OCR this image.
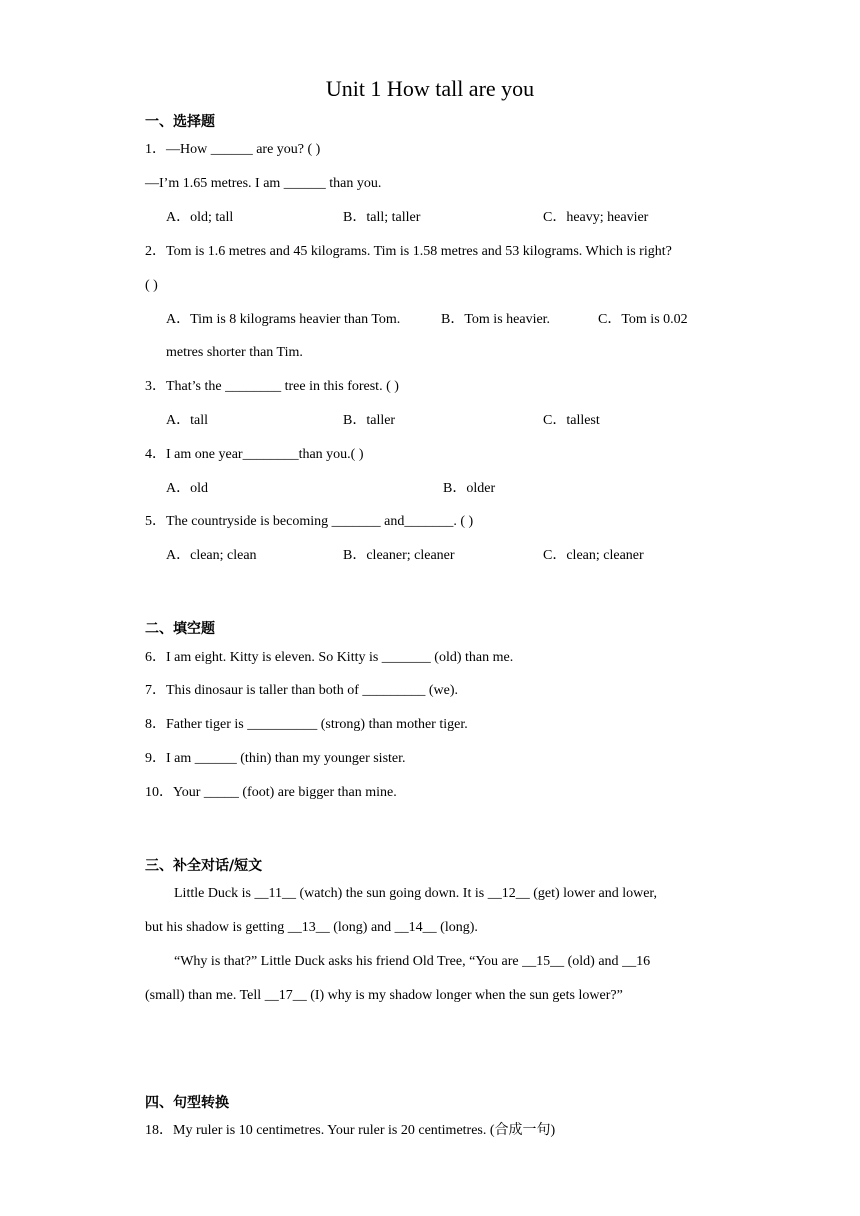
Unit 1 How tall are you
一、选择题
1．—How ______ are you? ( )
—I’m 1.65 metres. I am ______ than you.
A．old; tall	B．tall; taller	C．heavy; heavier
2．Tom is 1.6 metres and 45 kilograms. Tim is 1.58 metres and 53 kilograms. Which is right?
( )
A．Tim is 8 kilograms heavier than Tom.	B．Tom is heavier.	C．Tom is 0.02
metres shorter than Tim.
3．That’s the ________ tree in this forest. ( )
A．tall	B．taller	C．tallest
4．I am one year________than you.( )
A．old	B．older
5．The countryside is becoming _______ and_______. ( )
A．clean; clean	B．cleaner; cleaner	C．clean; cleaner
二、填空题
6．I am eight. Kitty is eleven. So Kitty is _______ (old) than me.
7．This dinosaur is taller than both of _________ (we).
8．Father tiger is __________ (strong) than mother tiger.
9．I am ______ (thin) than my younger sister.
10．Your _____ (foot) are bigger than mine.
三、补全对话/短文
Little Duck is __11__ (watch) the sun going down. It is __12__ (get) lower and lower,
but his shadow is getting __13__ (long) and __14__ (long).
“Why is that?” Little Duck asks his friend Old Tree, “You are __15__ (old) and __16
(small) than me. Tell __17__ (I) why is my shadow longer when the sun gets lower?”
四、句型转换
18．My ruler is 10 centimetres. Your ruler is 20 centimetres. (合成一句)
